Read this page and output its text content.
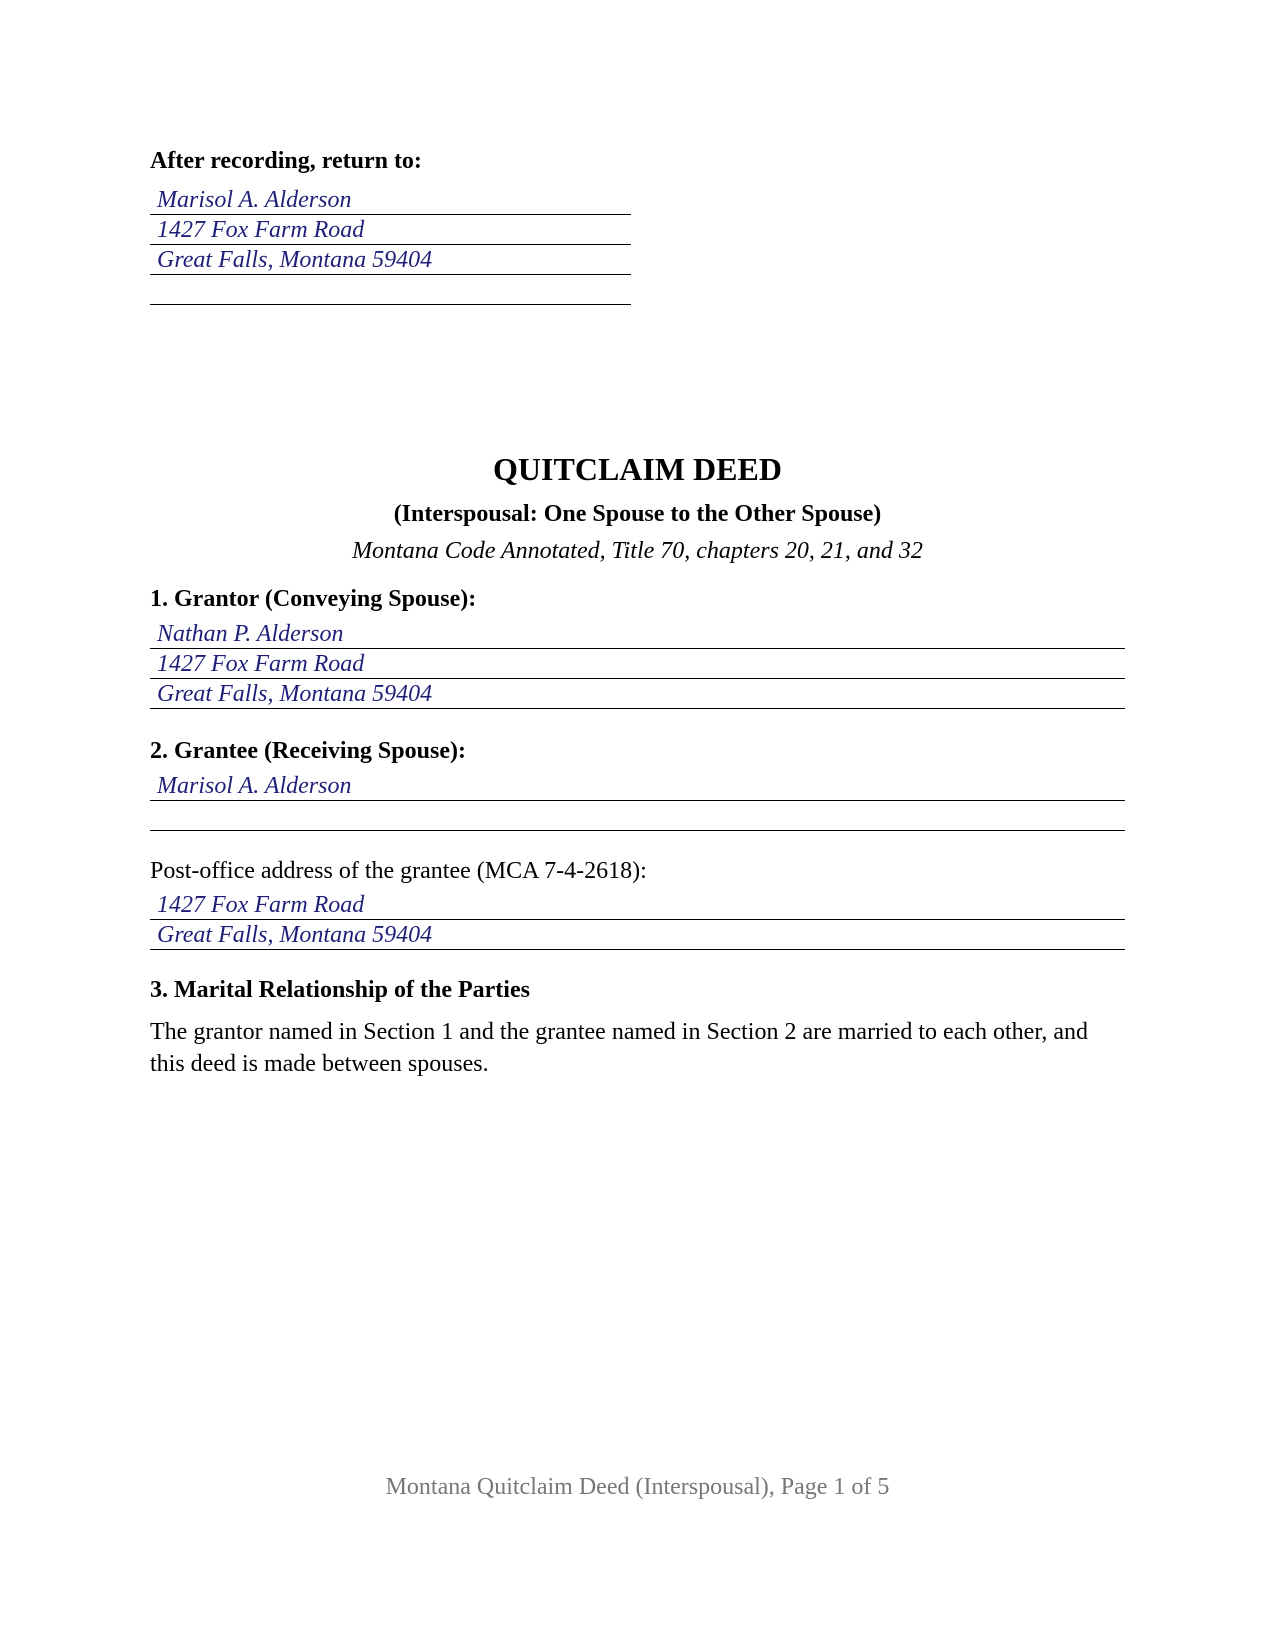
After recording, return to:

Marisol A. Alderson
1427 Fox Farm Road
Great Falls, Montana 59404
QUITCLAIM DEED

(Interspousal: One Spouse to the Other Spouse)

Montana Code Annotated, Title 70, chapters 20, 21, and 32

1. Grantor (Conveying Spouse):

Nathan P. Alderson
1427 Fox Farm Road
Great Falls, Montana 59404

2. Grantee (Receiving Spouse):

Marisol A. Alderson

Post-office address of the grantee (MCA 7-4-2618):

1427 Fox Farm Road
Great Falls, Montana 59404

3. Marital Relationship of the Parties

The grantor named in Section 1 and the grantee named in Section 2 are married to each other, and this deed is made between spouses.

Montana Quitclaim Deed (Interspousal), Page 1 of 5
